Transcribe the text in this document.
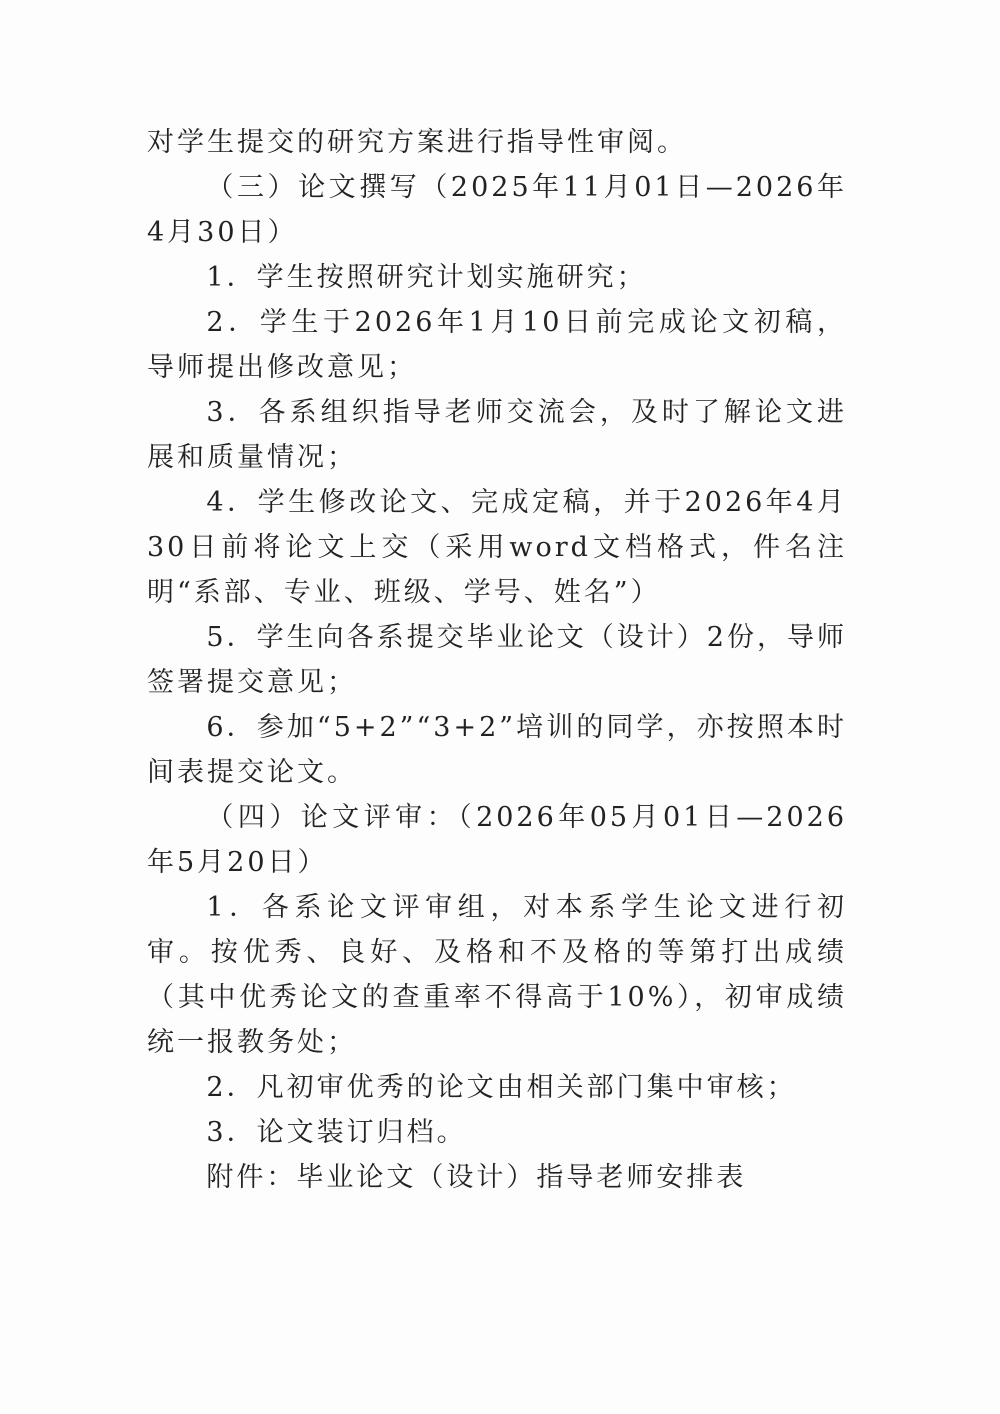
对学生提交的研究方案进行指导性审阅。

（三）论文撰写（2025年11月01日—2026年4月30日）

1．学生按照研究计划实施研究；

2．学生于2026年1月10日前完成论文初稿，导师提出修改意见；

3．各系组织指导老师交流会，及时了解论文进展和质量情况；

4．学生修改论文、完成定稿，并于2026年4月30日前将论文上交（采用word文档格式，件名注明“系部、专业、班级、学号、姓名”）

5．学生向各系提交毕业论文（设计）2份，导师签署提交意见；

6．参加“5+2”“3+2”培训的同学，亦按照本时间表提交论文。

（四）论文评审：（2026年05月01日—2026年5月20日）

1．各系论文评审组，对本系学生论文进行初审。按优秀、良好、及格和不及格的等第打出成绩（其中优秀论文的查重率不得高于10%），初审成绩统一报教务处；

2．凡初审优秀的论文由相关部门集中审核；

3．论文装订归档。

附件：毕业论文（设计）指导老师安排表
